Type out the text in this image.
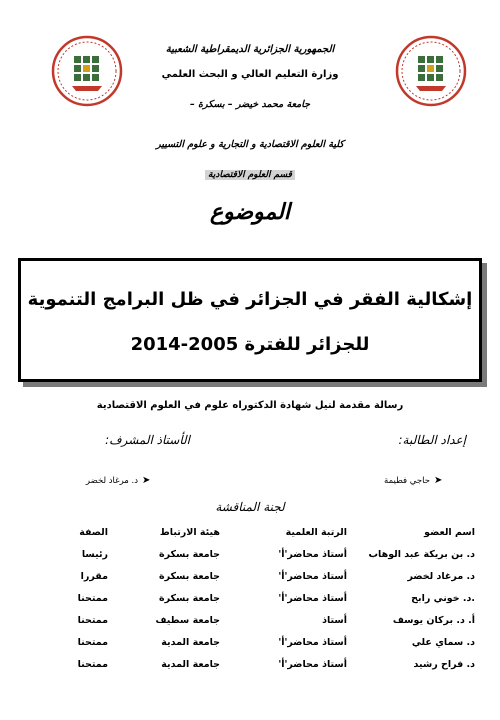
الجمهورية الجزائرية الديمقراطية الشعبية
وزارة التعليم العالي و البحث العلمي
جامعة محمد خيضر – بسكرة –
كلية العلوم الاقتصادية و التجارية و علوم التسيير
قسم العلوم الاقتصادية
الموضوع
إشكالية الفقر في الجزائر في ظل البرامج التنموية
للجزائر للفترة 2005-2014
رسالة مقدمة لنيل شهادة الدكتوراه علوم في العلوم الاقتصادية
إعداد الطالبة:
الأستاذ المشرف:
➤
حاجي فطيمة
➤
د. مرغاد لخضر
لجنة المناقشة
اسم العضو
الرتبة العلمية
هيئة الارتباط
الصفة
د. بن بريكة عبد الوهاب
أستاذ محاضر'أ'
جامعة بسكرة
رئيسا
د. مرغاد لخضر
أستاذ محاضر'أ'
جامعة بسكرة
مقررا
.د. خوني رابح
أستاذ محاضر'أ'
جامعة بسكرة
ممتحنا
أ. د. بركان يوسف
أستاذ
جامعة سطيف
ممتحنا
د. سماي علي
أستاذ محاضر'أ'
جامعة المدية
ممتحنا
د. فراح رشيد
أستاذ محاضر'أ'
جامعة المدية
ممتحنا
